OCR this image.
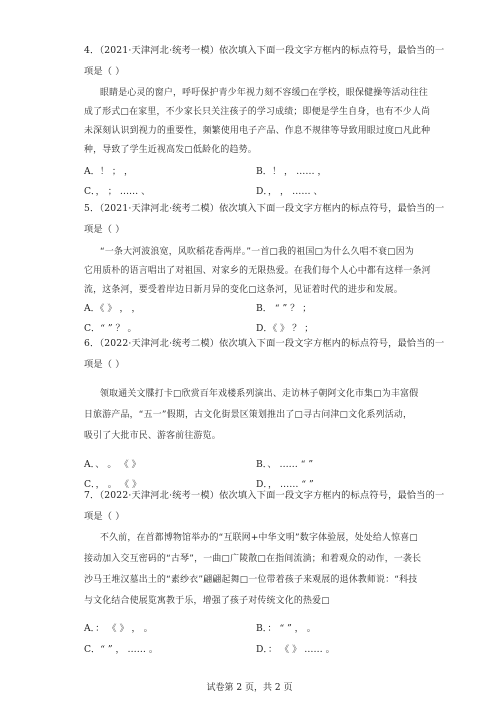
4．（2021·天津河北·统考一模）依次填入下面一段文字方框内的标点符号，最恰当的一
项是（ ）
眼睛是心灵的窗户，呼吁保护青少年视力刻不容缓□在学校，眼保健操等活动往往
成了形式□在家里，不少家长只关注孩子的学习成绩；即便是学生自身，也有不少人尚
未深刻认识到视力的重要性，频繁使用电子产品、作息不规律等导致用眼过度□凡此种
种，导致了学生近视高发□低龄化的趋势。
A．！ ； ，	B．！ ， …… ，
C．， ； …… 、	D．， ， …… 、
5．（2021·天津河北·统考二模）依次填入下面一段文字方框内的标点符号，最恰当的一
项是（ ）
“一条大河波浪宽，风吹稻花香两岸。”一首□我的祖国□为什么久唱不衰□因为
它用质朴的语言唱出了对祖国、对家乡的无限热爱。在我们每个人心中都有这样一条河
流，这条河，要受着岸边日新月异的变化□这条河，见证着时代的进步和发展。
A．《 》 ， ，	B． “ ” ？ ；
C．“ ” ？ 。	D．《 》 ？ ；
6．（2022·天津河北·统考二模）依次填入下面一段文字方框内的标点符号，最恰当的一
项是（ ）
领取通关文牒打卡□欣赏百年戏楼系列演出、走访林子朝阿文化市集□为丰富假
日旅游产品，“五一”假期，古文化街景区策划推出了□寻古问津□文化系列活动，
吸引了大批市民、游客前往游览。
A．、 。 《 》	B．、 …… “ ”
C．， 。 《 》	D．， …… “ ”
7．（2022·天津河北·统考一模）依次填入下面一段文字方框内的标点符号，最恰当的一
项是（ ）
不久前，在首都博物馆举办的“互联网+中华文明”数字体验展，处处给人惊喜□
接动加入交互密码的“古琴”，一曲□广陵散□在指间流淌；和着观众的动作，一袭长
沙马王堆汉墓出土的“素纱衣”翩翩起舞□一位带着孩子来观展的退休教师说：“科技
与文化结合使展览寓教于乐，增强了孩子对传统文化的热爱□
试卷第 2 页，共 2 页
A．： 《 》 ， 。	B．： “ ” ， 。
C．“ ” ， …… 。	D．： 《 》 …… 。
